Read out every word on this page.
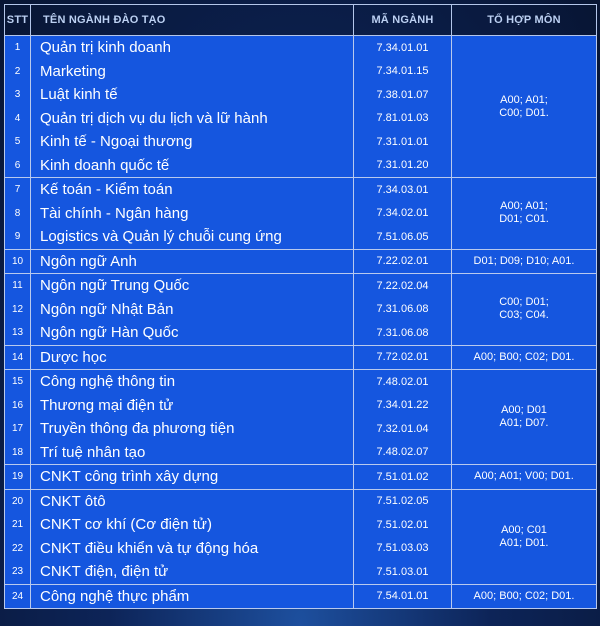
STT	TÊN NGÀNH ĐÀO TẠO	MÃ NGÀNH	TỔ HỢP MÔN
1	Quản trị kinh doanh	7.34.01.01	A00; A01;
C00; D01.
2	Marketing	7.34.01.15	
3	Luật kinh tế	7.38.01.07	
4	Quản trị dịch vụ du lịch và lữ hành	7.81.01.03	
5	Kinh tế - Ngoại thương	7.31.01.01	
6	Kinh doanh quốc tế	7.31.01.20	
7	Kế toán - Kiểm toán	7.34.03.01	A00; A01;
D01; C01.
8	Tài chính - Ngân hàng	7.34.02.01	
9	Logistics và Quản lý chuỗi cung ứng	7.51.06.05	
10	Ngôn ngữ Anh	7.22.02.01	D01; D09; D10; A01.
11	Ngôn ngữ Trung Quốc	7.22.02.04	C00; D01;
C03; C04.
12	Ngôn ngữ Nhật Bản	7.31.06.08	
13	Ngôn ngữ Hàn Quốc	7.31.06.08	
14	Dược học	7.72.02.01	A00; B00; C02; D01.
15	Công nghệ thông tin	7.48.02.01	A00; D01
A01; D07.
16	Thương mại điện tử	7.34.01.22	
17	Truyền thông đa phương tiện	7.32.01.04	
18	Trí tuệ nhân tạo	7.48.02.07	
19	CNKT công trình xây dựng	7.51.01.02	A00; A01; V00; D01.
20	CNKT ôtô	7.51.02.05	A00; C01
A01; D01.
21	CNKT cơ khí (Cơ điện tử)	7.51.02.01	
22	CNKT điều khiển và tự động hóa	7.51.03.03	
23	CNKT điện, điện tử	7.51.03.01	
24	Công nghệ thực phẩm	7.54.01.01	A00; B00; C02; D01.
